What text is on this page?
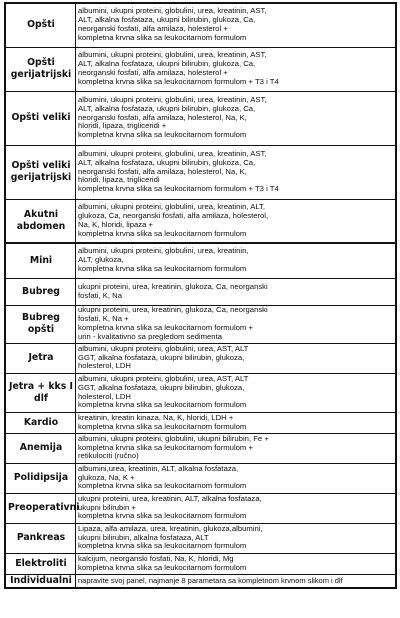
Opšti	albumini, ukupni proteini, globulini, urea, kreatinin, AST,
ALT, alkalna fosfataza, ukupni bilirubin, glukoza, Ca,
neorganski fosfati, alfa amilaza, holesterol +
kompletna krvna slika sa leukocitarnom formulom
Opšti
gerijatrijski	albumini, ukupni proteini, globulini, urea, kreatinin, AST,
ALT, alkalna fosfataza, ukupni bilirubin, glukoza, Ca,
neorganski fosfati, alfa amilaza, holesterol +
kompletna krvna slika sa leukocitarnom formulom + T3 i T4
Opšti veliki	albumini, ukupni proteini, globulini, urea, kreatinin, AST,
ALT, alkalna fosfataza, ukupni bilirubin, glukoza, Ca,
neorganski fosfati, alfa amilaza, holesterol, Na, K,
hloridi, lipaza, trigliceridi +
kompletna krvna slika sa leukocitarnom formulom
Opšti veliki
gerijatrijski	albumini, ukupni proteini, globulini, urea, kreatinin, AST,
ALT, alkalna fosfataza, ukupni bilirubin, glukoza, Ca,
neorganski fosfati, alfa amilaza, holesterol, Na, K,
hloridi, lipaza, trigliceridi
kompletna krvna slika sa leukocitarnom formulom + T3 i T4
Akutni
abdomen	albumini, ukupni proteini, globulini, urea, kreatinin, ALT,
glukoza, Ca, neorganski fosfati, alfa amilaza, holesterol,
Na, K, hloridi, lipaza +
kompletna krvna slika sa leukocitarnom formulom
Mini	albumini, ukupni proteini, globulini, urea, kreatinin,
ALT, glukoza,
kompletna krvna slika sa leukocitarnom formulom
Bubreg	ukupni proteini, urea, kreatinin, glukoza, Ca, neorganski
fosfati, K, Na
Bubreg opšti	ukupni proteini, urea, kreatinin, glukoza, Ca, neorganski
fosfati, K, Na +
kompletna krvna slika sa leukocitarnom formulom +
urin - kvalitativno sa pregledom sedimenta
Jetra	albumini, ukupni proteini, globulini, urea, AST, ALT
GGT, alkalna fosfataza, ukupni bilirubin, glukoza,
holesterol, LDH
Jetra + kks I
dlf	albumini, ukupni proteini, globulini, urea, AST, ALT
GGT, alkalna fosfataza, ukupni bilirubin, glukoza,
holesterol, LDH
kompletna krvna slika sa leukocitarnom formulom
Kardio	kreatinin, kreatin kinaza, Na, K, hloridi, LDH +
kompletna krvna slika sa leukocitarnom formulom
Anemija	albumini, ukupni proteini, globulini, ukupni bilirubin, Fe +
kompletna krvna slika sa leukocitarnom formulom +
retikulociti (ručno)
Polidipsija	albumini,urea, kreatinin, ALT, alkalna fosfataza,
glukoza, Na, K +
kompletna krvna slika sa leukocitarnom formulom
Preoperativni	ukupni proteini, urea, kreatinin, ALT, alkalna fosfataza,
ukupni bilirubin +
kompletna krvna slika sa leukocitarnom formulom
Pankreas	Lipaza, alfa amilaza, urea, kreatinin, glukoza,albumini,
ukupni bilirubin, alkalna fosfataza, ALT
kompletna krvna slika sa leukocitarnom formulom
Elektroliti	kalcijum, neorganski fosfati, Na, K, hloridi, Mg
kompletna krvna slika sa leukocitarnom formulom
Individualni	napravite svoj panel, najmanje 8 parametara sa kompletnom krvnom slikom i dlf
